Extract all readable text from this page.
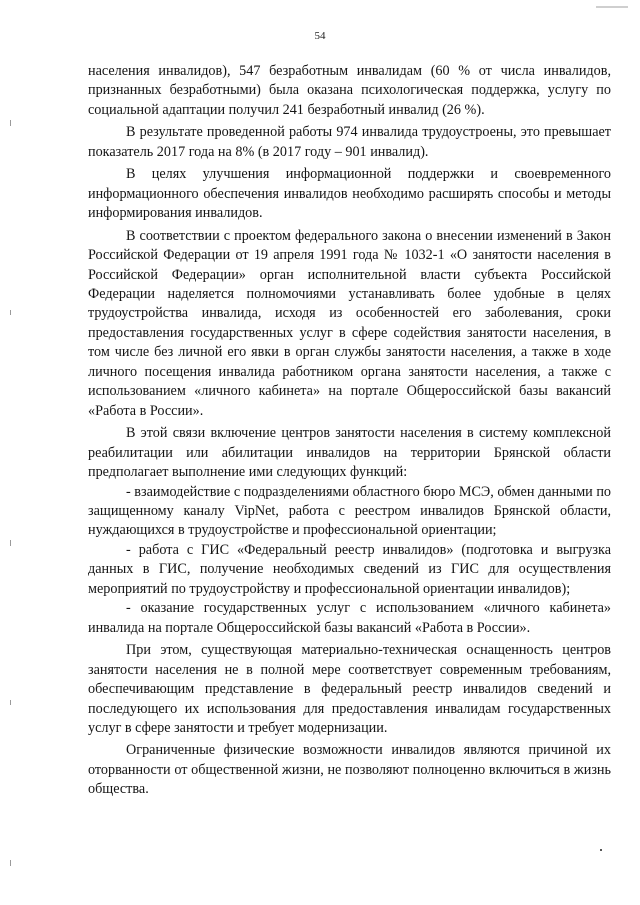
54

населения инвалидов), 547 безработным инвалидам (60 % от числа инвалидов, признанных безработными) была оказана психологическая поддержка, услугу по социальной адаптации получил 241 безработный инвалид (26 %).

В результате проведенной работы 974 инвалида трудоустроены, это превышает показатель 2017 года на 8% (в 2017 году – 901 инвалид).

В целях улучшения информационной поддержки и своевременного информационного обеспечения инвалидов необходимо расширять способы и методы информирования инвалидов.

В соответствии с проектом федерального закона о внесении изменений в Закон Российской Федерации от 19 апреля 1991 года № 1032-1 «О занятости населения в Российской Федерации» орган исполнительной власти субъекта Российской Федерации наделяется полномочиями устанавливать более удобные в целях трудоустройства инвалида, исходя из особенностей его заболевания, сроки предоставления государственных услуг в сфере содействия занятости населения, в том числе без личной его явки в орган службы занятости населения, а также в ходе личного посещения инвалида работником органа занятости населения, а также с использованием «личного кабинета» на портале Общероссийской базы вакансий «Работа в России».

В этой связи включение центров занятости населения в систему комплексной реабилитации или абилитации инвалидов на территории Брянской области предполагает выполнение ими следующих функций:

- взаимодействие с подразделениями областного бюро МСЭ, обмен данными по защищенному каналу VipNet, работа с реестром инвалидов Брянской области, нуждающихся в трудоустройстве и профессиональной ориентации;

- работа с ГИС «Федеральный реестр инвалидов» (подготовка и выгрузка данных в ГИС, получение необходимых сведений из ГИС для осуществления мероприятий по трудоустройству и профессиональной ориентации инвалидов);

- оказание государственных услуг с использованием «личного кабинета» инвалида на портале Общероссийской базы вакансий «Работа в России».

При этом, существующая материально-техническая оснащенность центров занятости населения не в полной мере соответствует современным требованиям, обеспечивающим представление в федеральный реестр инвалидов сведений и последующего их использования для предоставления инвалидам государственных услуг в сфере занятости и требует модернизации.

Ограниченные физические возможности инвалидов являются причиной их оторванности от общественной жизни, не позволяют полноценно включиться в жизнь общества.
